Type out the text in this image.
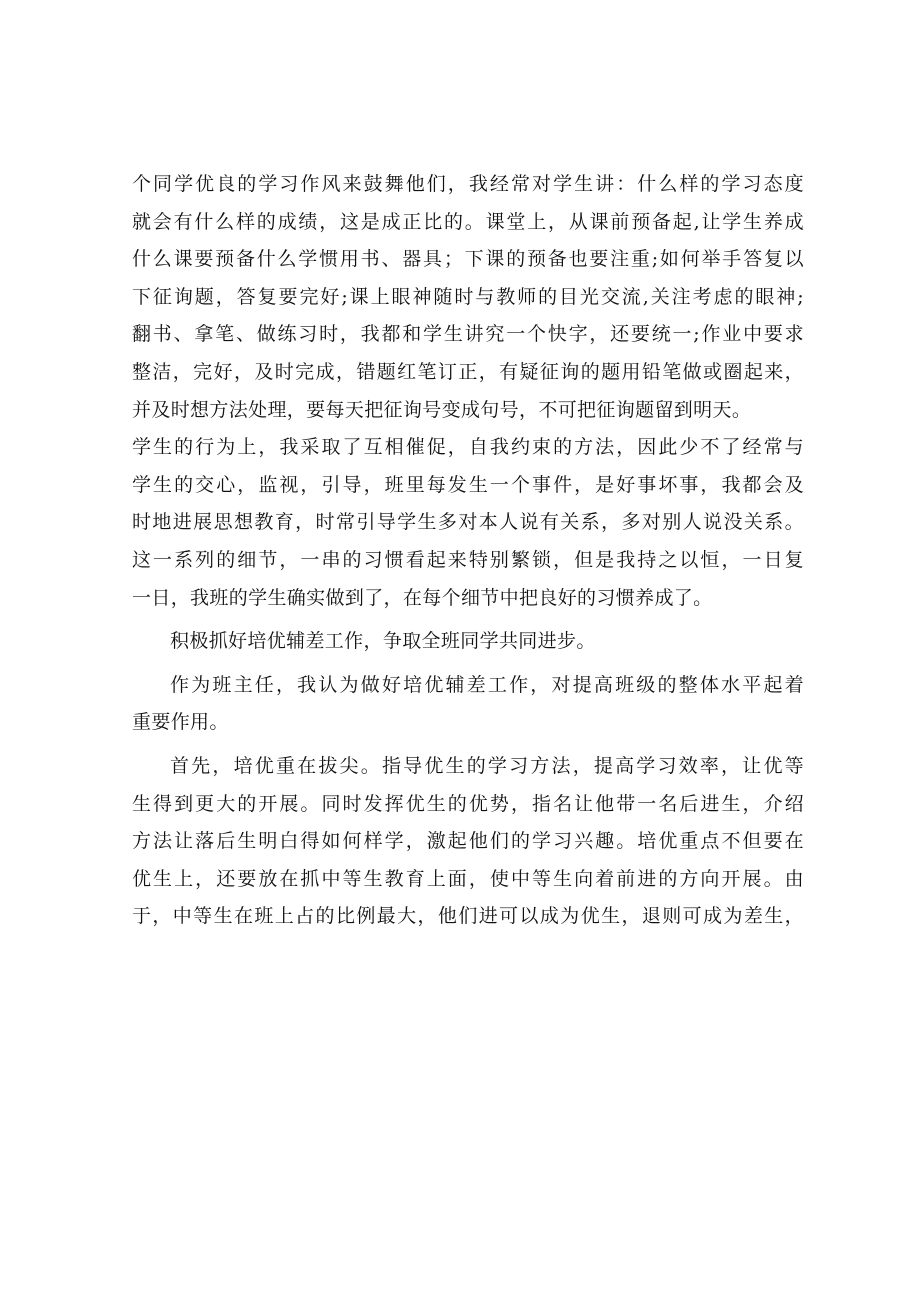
个同学优良的学习作风来鼓舞他们，我经常对学生讲：什么样的学习态度
就会有什么样的成绩，这是成正比的。课堂上，从课前预备起,让学生养成
什么课要预备什么学惯用书、器具；下课的预备也要注重;如何举手答复以
下征询题，答复要完好;课上眼神随时与教师的目光交流,关注考虑的眼神;
翻书、拿笔、做练习时，我都和学生讲究一个快字，还要统一;作业中要求
整洁，完好，及时完成，错题红笔订正，有疑征询的题用铅笔做或圈起来，
并及时想方法处理，要每天把征询号变成句号，不可把征询题留到明天。
学生的行为上，我采取了互相催促，自我约束的方法，因此少不了经常与
学生的交心，监视，引导，班里每发生一个事件，是好事坏事，我都会及
时地进展思想教育，时常引导学生多对本人说有关系，多对别人说没关系。
这一系列的细节，一串的习惯看起来特别繁锁，但是我持之以恒，一日复
一日，我班的学生确实做到了，在每个细节中把良好的习惯养成了。
积极抓好培优辅差工作，争取全班同学共同进步。
作为班主任，我认为做好培优辅差工作，对提高班级的整体水平起着
重要作用。
首先，培优重在拔尖。指导优生的学习方法，提高学习效率，让优等
生得到更大的开展。同时发挥优生的优势，指名让他带一名后进生，介绍
方法让落后生明白得如何样学，激起他们的学习兴趣。培优重点不但要在
优生上，还要放在抓中等生教育上面，使中等生向着前进的方向开展。由
于，中等生在班上占的比例最大，他们进可以成为优生，退则可成为差生，
